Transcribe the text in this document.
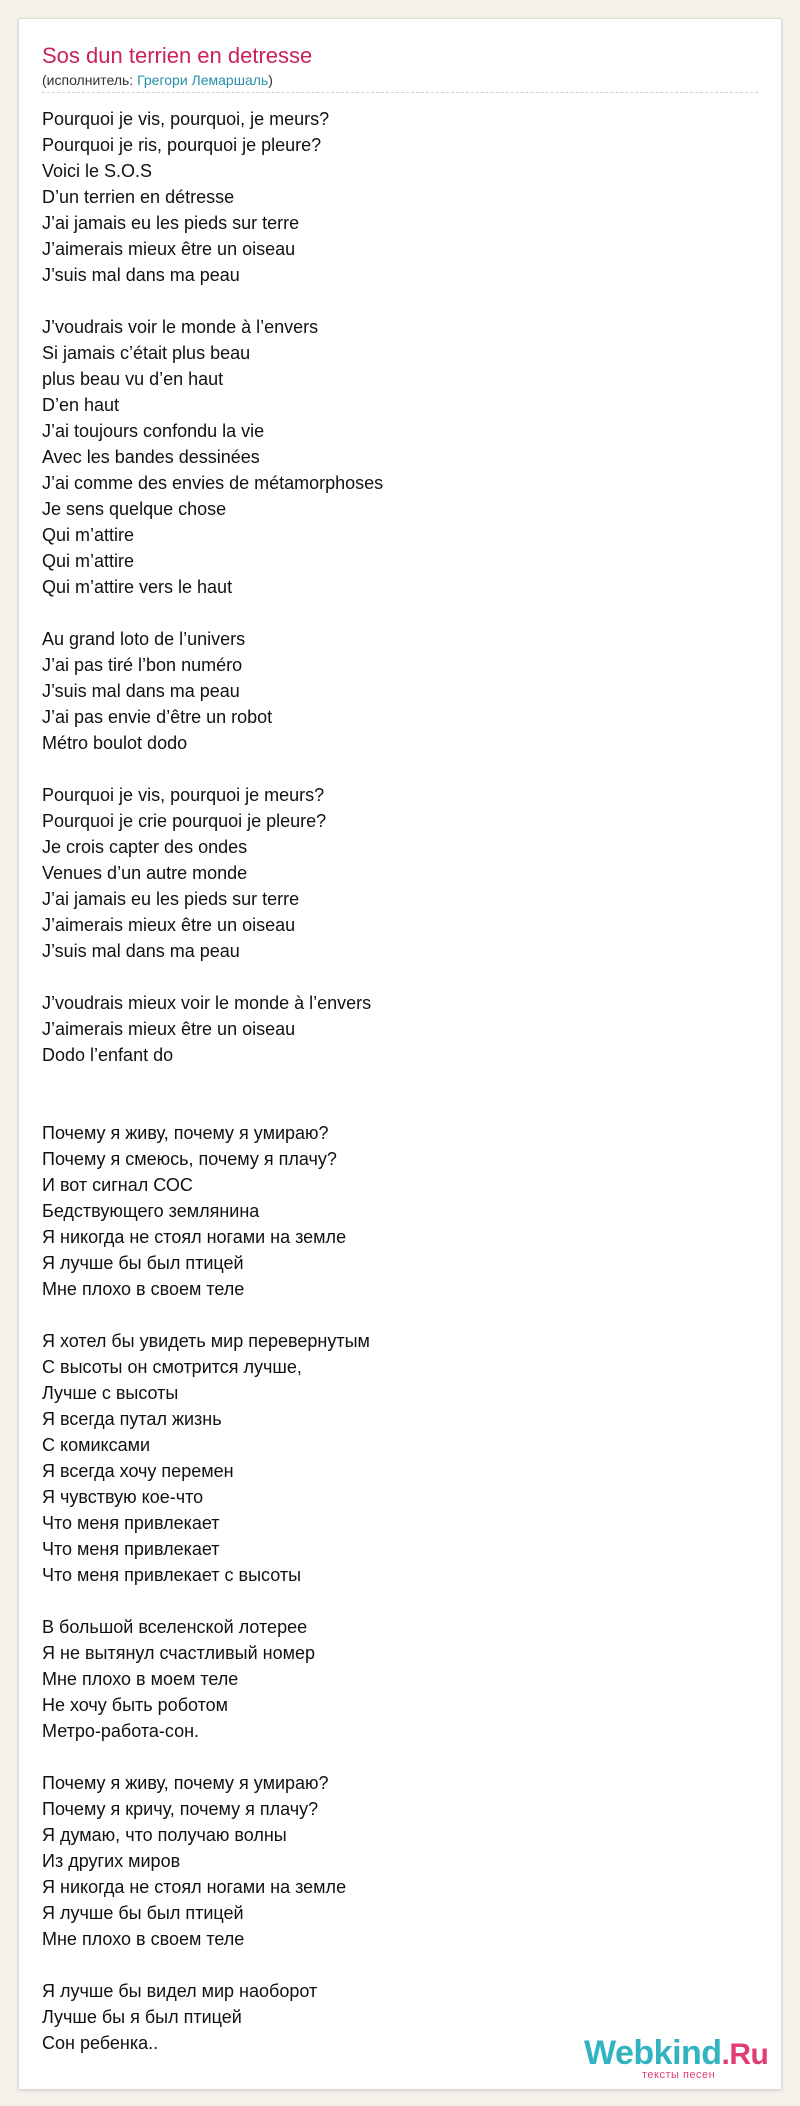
Sos dun terrien en detresse
(исполнитель: Грегори Лемаршаль)
Pourquoi je vis, pourquoi, je meurs?
Pourquoi je ris, pourquoi je pleure?
Voici le S.O.S
D’un terrien en détresse
J’ai jamais eu les pieds sur terre
J’aimerais mieux être un oiseau
J’suis mal dans ma peau
J’voudrais voir le monde à l’envers
Si jamais c’était plus beau
plus beau vu d’en haut
D’en haut
J’ai toujours confondu la vie
Avec les bandes dessinées
J’ai comme des envies de métamorphoses
Je sens quelque chose
Qui m’attire
Qui m’attire
Qui m’attire vers le haut
Au grand loto de l’univers
J’ai pas tiré l’bon numéro
J’suis mal dans ma peau
J’ai pas envie d’être un robot
Métro boulot dodo
Pourquoi je vis, pourquoi je meurs?
Pourquoi je crie pourquoi je pleure?
Je crois capter des ondes
Venues d’un autre monde
J’ai jamais eu les pieds sur terre
J’aimerais mieux être un oiseau
J’suis mal dans ma peau
J’voudrais mieux voir le monde à l’envers
J’aimerais mieux être un oiseau
Dodo l’enfant do
Почему я живу, почему я умираю?
Почему я смеюсь, почему я плачу?
И вот сигнал СОС
Бедствующего землянина
Я никогда не стоял ногами на земле
Я лучше бы был птицей
Мне плохо в своем теле
Я хотел бы увидеть мир перевернутым
С высоты он смотрится лучше,
Лучше с высоты
Я всегда путал жизнь
С комиксами
Я всегда хочу перемен
Я чувствую кое-что
Что меня привлекает
Что меня привлекает
Что меня привлекает с высоты
В большой вселенской лотерее
Я не вытянул счастливый номер
Мне плохо в моем теле
Не хочу быть роботом
Метро-работа-сон.
Почему я живу, почему я умираю?
Почему я кричу, почему я плачу?
Я думаю, что получаю волны
Из других миров
Я никогда не стоял ногами на земле
Я лучше бы был птицей
Мне плохо в своем теле
Я лучше бы видел мир наоборот
Лучше бы я был птицей
Сон ребенка..	Webkind.Ru
тексты песен
